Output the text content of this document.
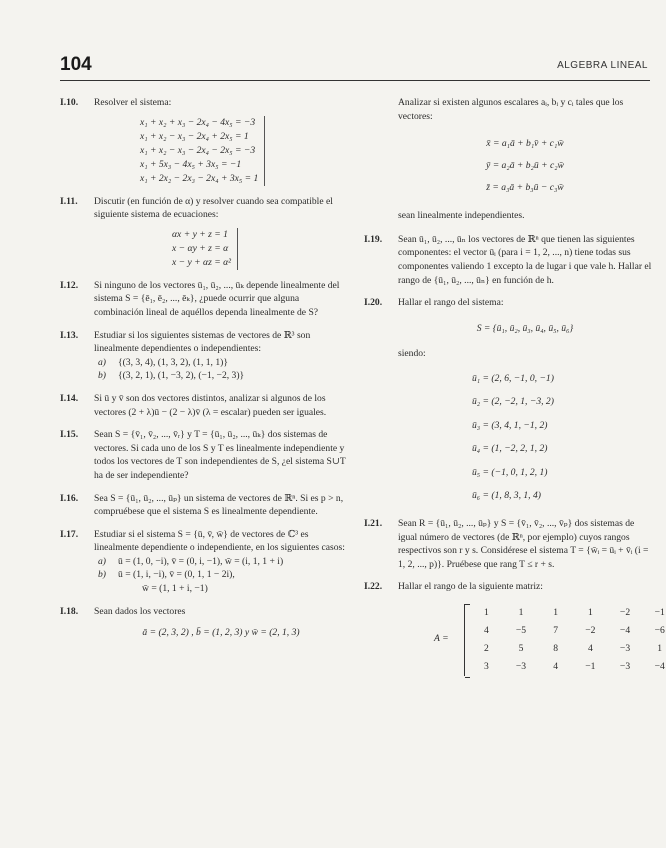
104	ALGEBRA LINEAL
I.10. Resolver el sistema:
x₁ + x₂ + x₃ − 2x₄ − 4x₅ = −3
x₁ + x₂ − x₃ − 2x₄ + 2x₅ = 1
x₁ + x₂ − x₃ − 2x₄ − 2x₅ = −3
x₁ + 5x₃ − 4x₅ + 3x₅ = −1
x₁ + 2x₂ − 2x₃ − 2x₄ + 3x₅ = 1
I.11. Discutir (en función de α) y resolver cuando sea compatible el siguiente sistema de ecuaciones:
αx + y + z = 1
x − αy + z = α
x − y + αz = α²
I.12. Si ninguno de los vectores ū₁, ū₂, ..., ūₖ depende linealmente del sistema S = {ē₁, ē₂, ..., ēₖ}, ¿puede ocurrir que alguna combinación lineal de aquéllos dependa linealmente de S?
I.13. Estudiar si los siguientes sistemas de vectores de ℝ³ son linealmente dependientes o independientes:
a) {(3, 3, 4), (1, 3, 2), (1, 1, 1)}
b) {(3, 2, 1), (1, −3, 2), (−1, −2, 3)}
I.14. Si ū y v̄ son dos vectores distintos, analizar si algunos de los vectores (2 + λ)ū − (2 − λ)v̄ (λ = escalar) pueden ser iguales.
I.15. Sean S = {v̄₁, v̄₂, ..., v̄ᵣ} y T = {ū₁, ū₂, ..., ūₖ} dos sistemas de vectores. Si cada uno de los S y T es linealmente independiente y todos los vectores de T son independientes de S, ¿el sistema S∪T ha de ser independiente?
I.16. Sea S = {ū₁, ū₂, ..., ūₚ} un sistema de vectores de ℝⁿ. Si es p > n, compruébese que el sistema S es linealmente dependiente.
I.17. Estudiar si el sistema S = {ū, v̄, w̄} de vectores de ℂ³ es linealmente dependiente o independiente, en los siguientes casos:
a) ū = (1, 0, −i), v̄ = (0, i, −1), w̄ = (i, 1, 1 + i)
b) ū = (1, i, −i), v̄ = (0, 1, 1 − 2i),
w̄ = (1, 1 + i, −1)
I.18. Sean dados los vectores
ā = (2, 3, 2) , b̄ = (1, 2, 3) y w̄ = (2, 1, 3)
Analizar si existen algunos escalares aᵢ, bᵢ y cᵢ tales que los vectores:
x̄ = a₁ā + b₁v̄ + c₁w̄
ȳ = a₂ā + b₂ū + c₂w̄
z̄ = a₃ā + b₃ū − c₃w̄
sean linealmente independientes.
I.19. Sean ū₁, ū₂, ..., ūₙ los vectores de ℝⁿ que tienen las siguientes componentes: el vector ūᵢ (para i = 1, 2, ..., n) tiene todas sus componentes valiendo 1 excepto la de lugar i que vale h. Hallar el rango de {ū₁, ū₂, ..., ūₙ} en función de h.
I.20. Hallar el rango del sistema:
S = {ū₁, ū₂, ū₃, ū₄, ū₅, ū₆}
siendo:
ū₁ = (2, 6, −1, 0, −1)
ū₂ = (2, −2, 1, −3, 2)
ū₃ = (3, 4, 1, −1, 2)
ū₄ = (1, −2, 2, 1, 2)
ū₅ = (−1, 0, 1, 2, 1)
ū₆ = (1, 8, 3, 1, 4)
I.21. Sean R = {ū₁, ū₂, ..., ūₚ} y S = {v̄₁, v̄₂, ..., v̄ₚ} dos sistemas de igual número de vectores (de ℝⁿ, por ejemplo) cuyos rangos respectivos son r y s. Considérese el sistema T = {w̄ᵢ = ūᵢ + v̄ᵢ (i = 1, 2, ..., p)}. Pruébese que rang T ≤ r + s.
I.22. Hallar el rango de la siguiente matriz:
A =
1	1	1	1	−2	−1
4	−5	7	−2	−4	−6
2	5	8	4	−3	1
3	−3	4	−1	−3	−4
